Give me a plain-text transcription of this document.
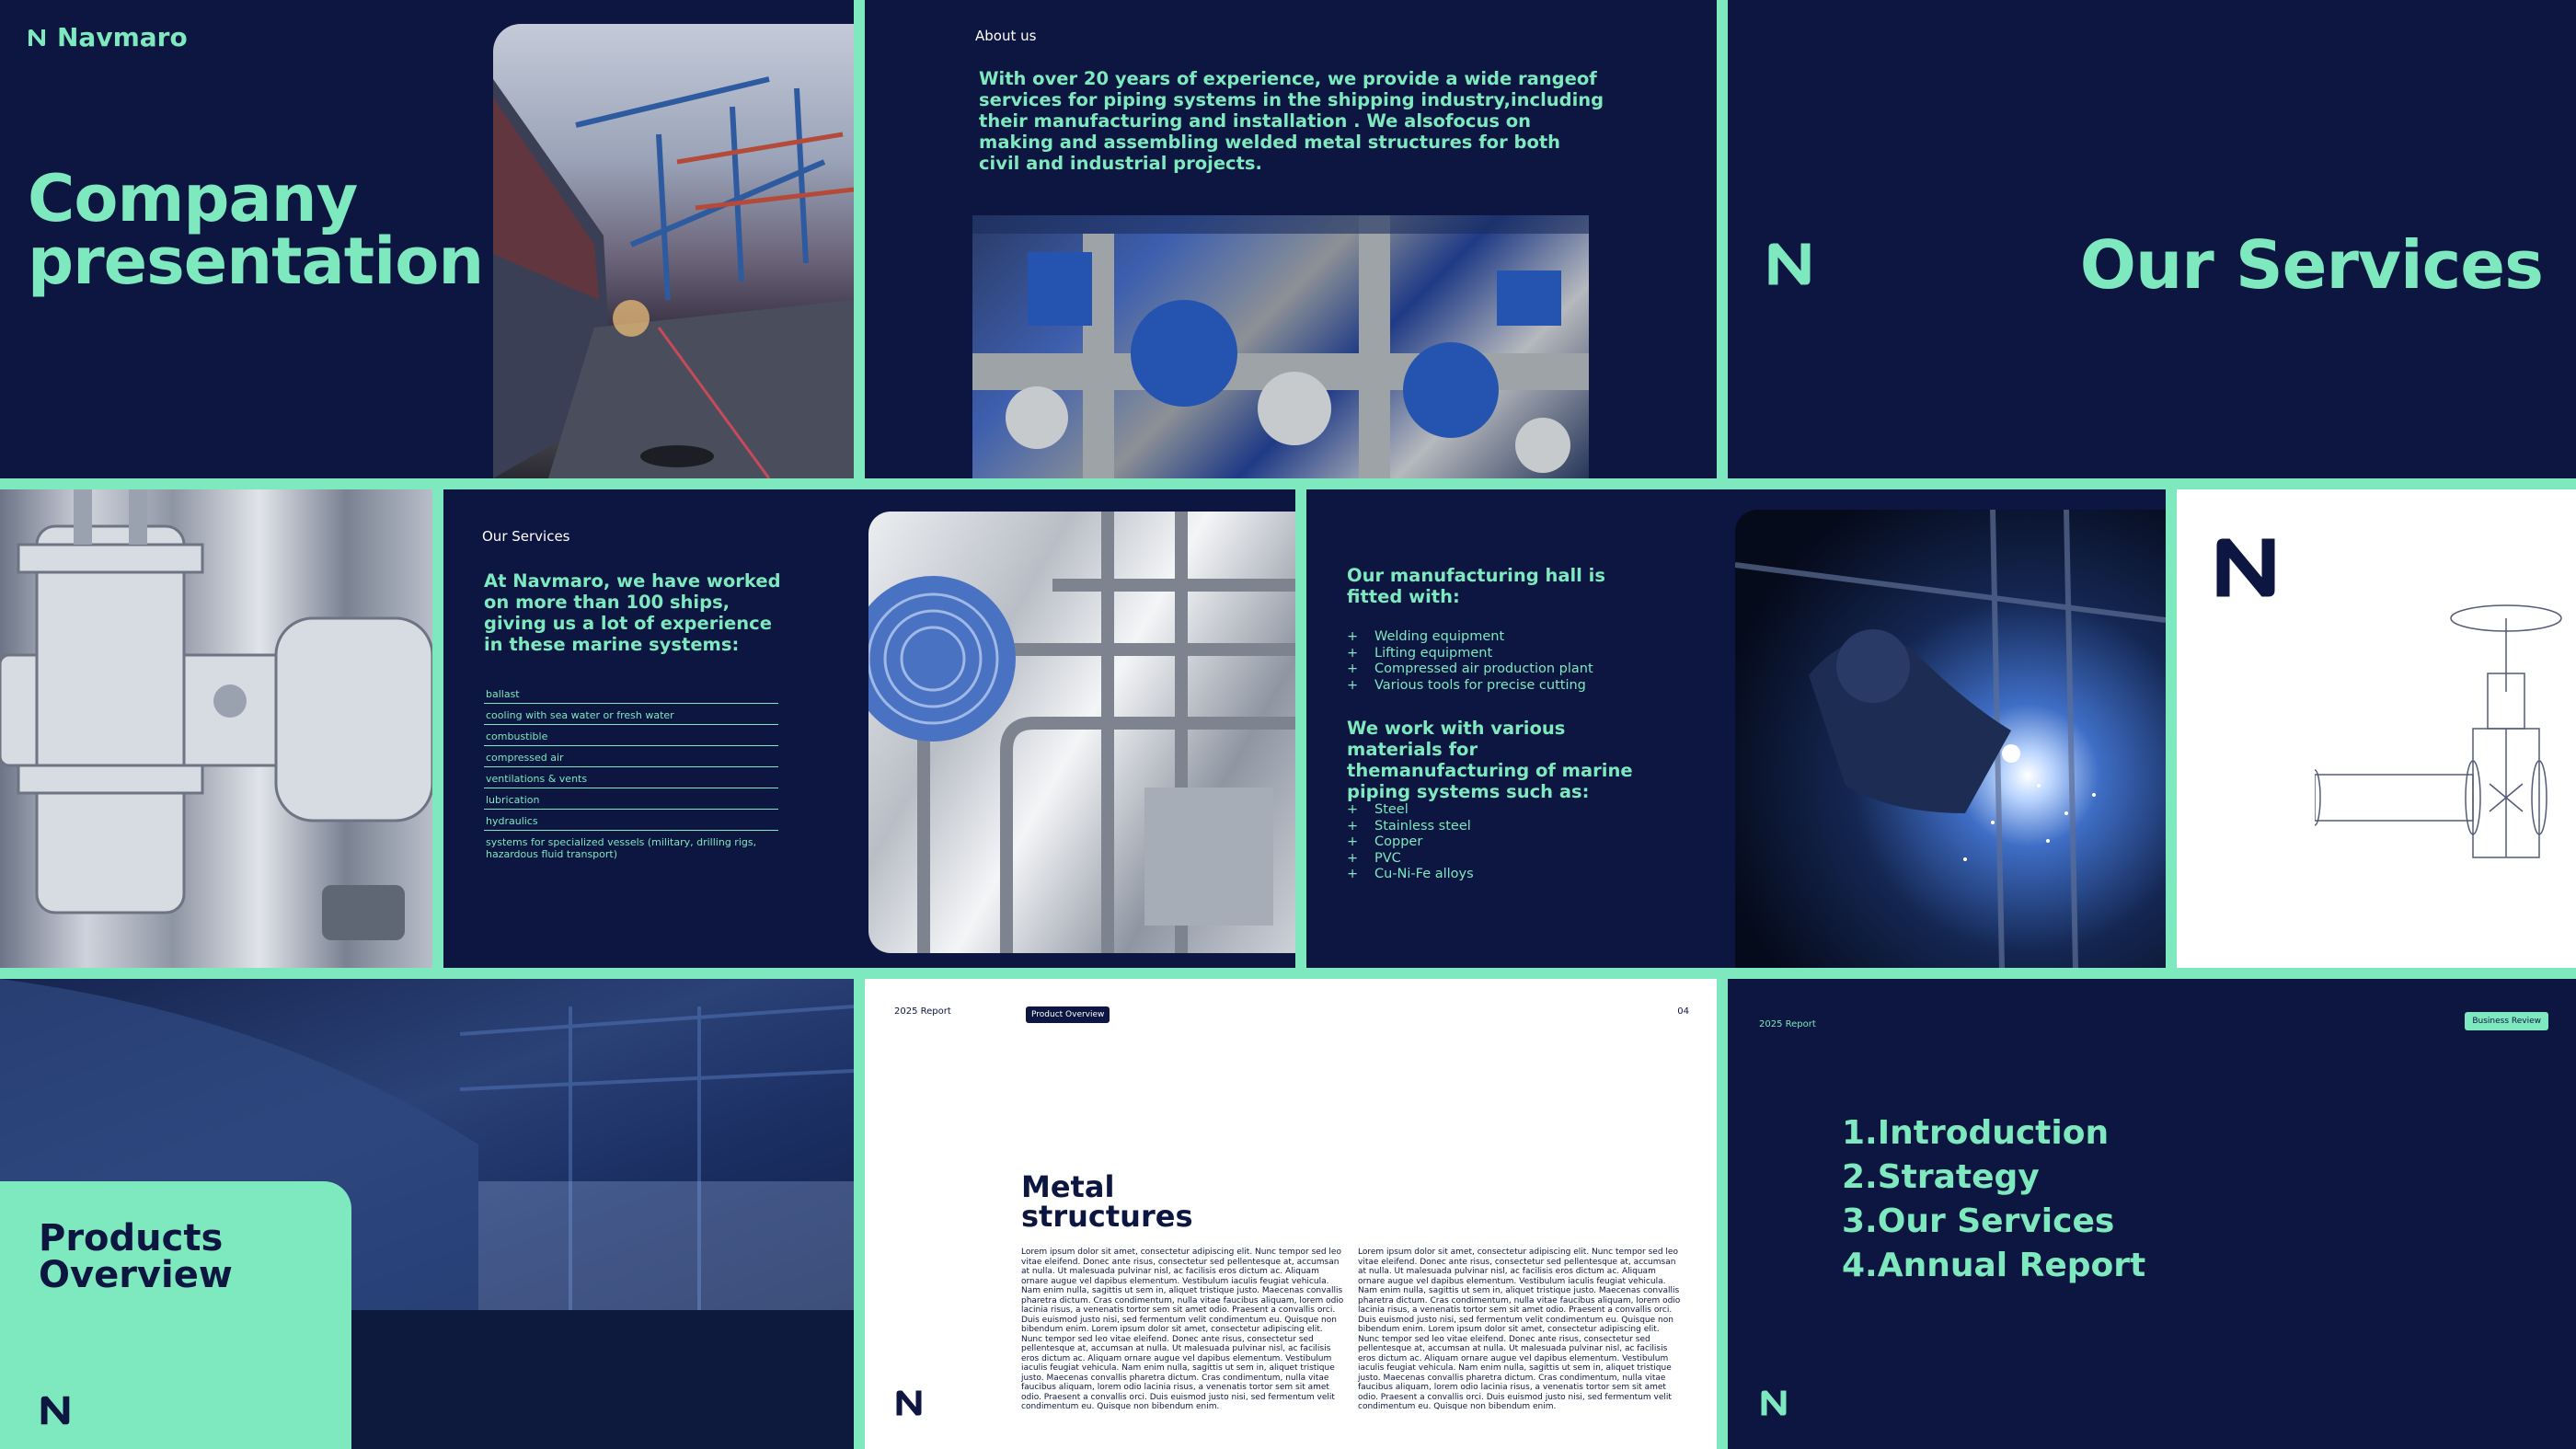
Navmaro
Company
presentation
About us
With over 20 years of experience, we provide a wide rangeof services for piping systems in the shipping industry,including their manufacturing and installation . We alsofocus on making and assembling welded metal structures for both civil and industrial projects.
Our Services
Our Services
At Navmaro, we have worked on more than 100 ships, giving us a lot of experience in these marine systems:
ballast
cooling with sea water or fresh water
combustible
compressed air
ventilations & vents
lubrication
hydraulics
systems for specialized vessels (military, drilling rigs, hazardous fluid transport)
Our manufacturing hall is fitted with:
+ Welding equipment
+ Lifting equipment
+ Compressed air production plant
+ Various tools for precise cutting
We work with various materials for themanufacturing of marine piping systems such as:
+ Steel
+ Stainless steel
+ Copper
+ PVC
+ Cu-Ni-Fe alloys
Products
Overview
2025 Report	Product Overview	04
Metal
structures
Lorem ipsum dolor sit amet, consectetur adipiscing elit. Nunc tempor sed leo vitae eleifend. Donec ante risus, consectetur sed pellentesque at, accumsan at nulla. Ut malesuada pulvinar nisl, ac facilisis eros dictum ac. Aliquam ornare augue vel dapibus elementum. Vestibulum iaculis feugiat vehicula. Nam enim nulla, sagittis ut sem in, aliquet tristique justo. Maecenas convallis pharetra dictum. Cras condimentum, nulla vitae faucibus aliquam, lorem odio lacinia risus, a venenatis tortor sem sit amet odio. Praesent a convallis orci. Duis euismod justo nisi, sed fermentum velit condimentum eu. Quisque non bibendum enim. Lorem ipsum dolor sit amet, consectetur adipiscing elit. Nunc tempor sed leo vitae eleifend. Donec ante risus, consectetur sed pellentesque at, accumsan at nulla. Ut malesuada pulvinar nisl, ac facilisis eros dictum ac. Aliquam ornare augue vel dapibus elementum. Vestibulum iaculis feugiat vehicula. Nam enim nulla, sagittis ut sem in, aliquet tristique justo. Maecenas convallis pharetra dictum. Cras condimentum, nulla vitae faucibus aliquam, lorem odio lacinia risus, a venenatis tortor sem sit amet odio. Praesent a convallis orci. Duis euismod justo nisi, sed fermentum velit condimentum eu. Quisque non bibendum enim.
Lorem ipsum dolor sit amet, consectetur adipiscing elit. Nunc tempor sed leo vitae eleifend. Donec ante risus, consectetur sed pellentesque at, accumsan at nulla. Ut malesuada pulvinar nisl, ac facilisis eros dictum ac. Aliquam ornare augue vel dapibus elementum. Vestibulum iaculis feugiat vehicula. Nam enim nulla, sagittis ut sem in, aliquet tristique justo. Maecenas convallis pharetra dictum. Cras condimentum, nulla vitae faucibus aliquam, lorem odio lacinia risus, a venenatis tortor sem sit amet odio. Praesent a convallis orci. Duis euismod justo nisi, sed fermentum velit condimentum eu. Quisque non bibendum enim. Lorem ipsum dolor sit amet, consectetur adipiscing elit. Nunc tempor sed leo vitae eleifend. Donec ante risus, consectetur sed pellentesque at, accumsan at nulla. Ut malesuada pulvinar nisl, ac facilisis eros dictum ac. Aliquam ornare augue vel dapibus elementum. Vestibulum iaculis feugiat vehicula. Nam enim nulla, sagittis ut sem in, aliquet tristique justo. Maecenas convallis pharetra dictum. Cras condimentum, nulla vitae faucibus aliquam, lorem odio lacinia risus, a venenatis tortor sem sit amet odio. Praesent a convallis orci. Duis euismod justo nisi, sed fermentum velit condimentum eu. Quisque non bibendum enim.
2025 Report	Business Review
1.Introduction
2.Strategy
3.Our Services
4.Annual Report
